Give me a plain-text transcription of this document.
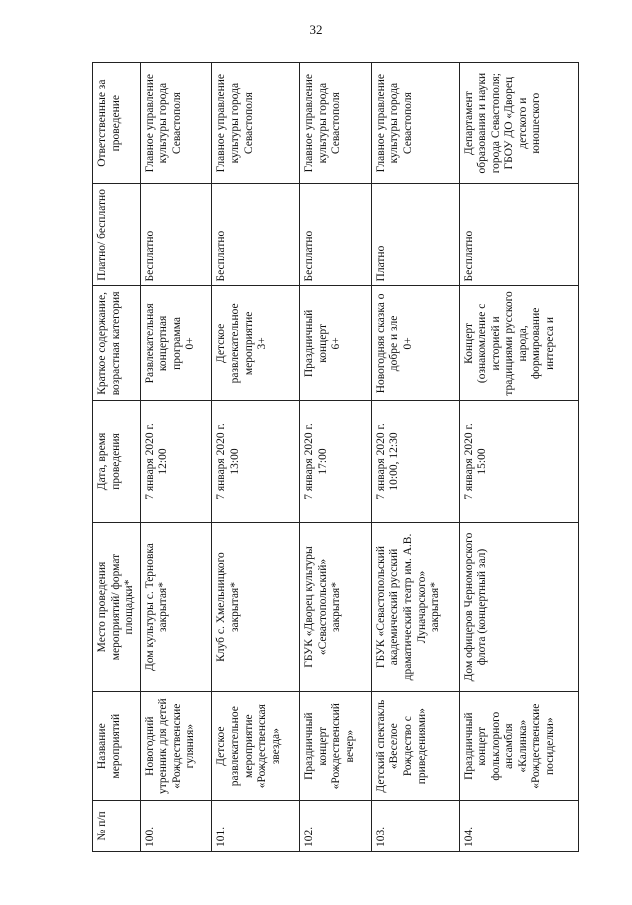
32
№ п/п	Название мероприятий	Место проведения мероприятий/ формат площадки*	Дата, время проведения	Краткое содержание, возрастная категория	Платно/ бесплатно	Ответственные за проведение
100.	Новогодний утренник для детей «Рождественские гуляния»	Дом культуры с. Терновка закрытая*	7 января 2020 г. 12:00	Развлекательная концертная программа 0+	Бесплатно	Главное управление культуры города Севастополя
101.	Детское развлекательное мероприятие «Рождественская звезда»	Клуб с. Хмельницкого закрытая*	7 января 2020 г. 13:00	Детское развлекательное мероприятие 3+	Бесплатно	Главное управление культуры города Севастополя
102.	Праздничный концерт «Рождественский вечер»	ГБУК «Дворец культуры «Севастопольский» закрытая*	7 января 2020 г. 17:00	Праздничный концерт 6+	Бесплатно	Главное управление культуры города Севастополя
103.	Детский спектакль «Веселое Рождество с приведениями»	ГБУК «Севастопольский академический русский драматический театр им. А.В. Луначарского» закрытая*	7 января 2020 г. 10:00, 12:30	Новогодняя сказка о добре и зле 0+	Платно	Главное управление культуры города Севастополя
104.	Праздничный концерт фольклорного ансамбля «Калинка» «Рождественские посиделки»	Дом офицеров Черноморского флота (концертный зал)	7 января 2020 г. 15:00	Концерт (ознакомление с историей и традициями русского народа, формирование интереса и	Бесплатно	Департамент образования и науки города Севастополя; ГБОУ ДО «Дворец детского и юношеского
